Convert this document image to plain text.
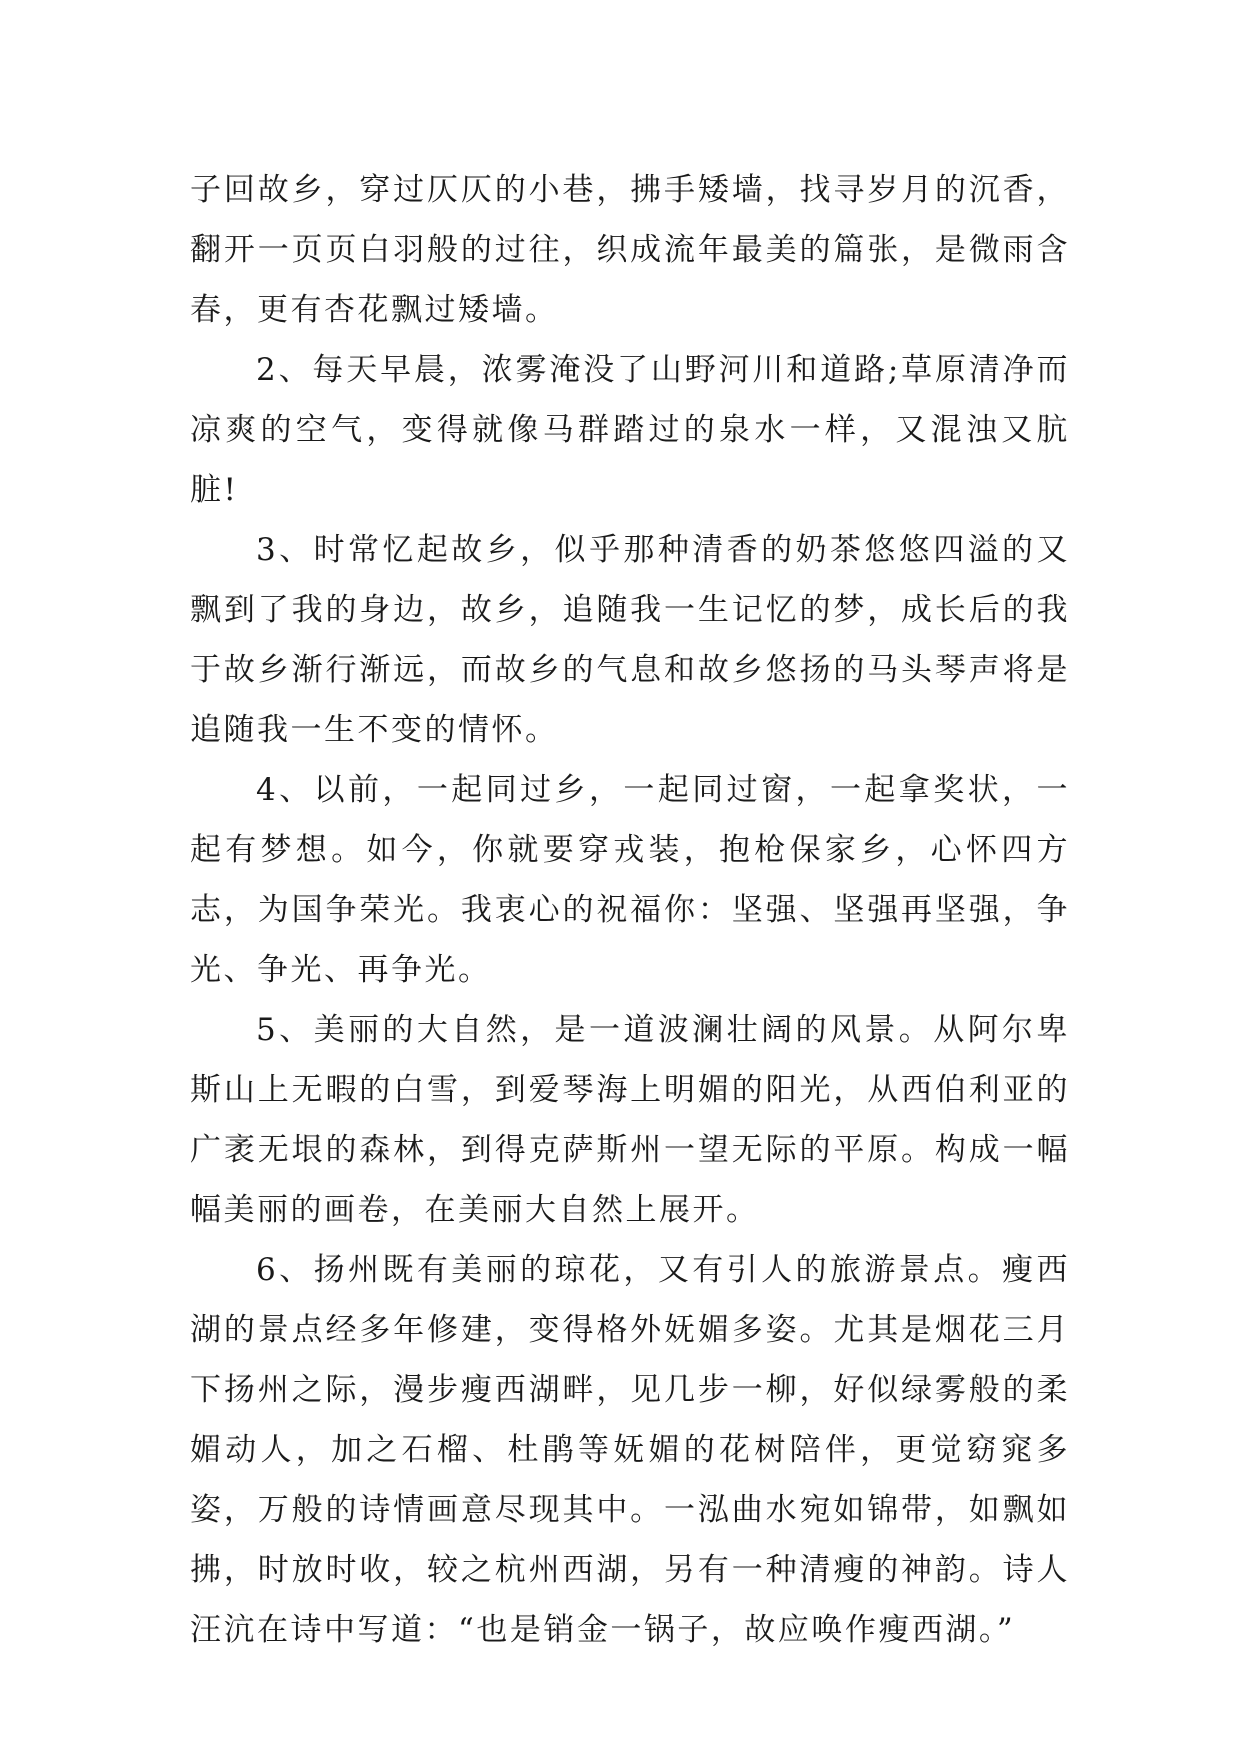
子回故乡，穿过仄仄的小巷，拂手矮墙，找寻岁月的沉香，翻开一页页白羽般的过往，织成流年最美的篇张，是微雨含春，更有杏花飘过矮墙。

2、每天早晨，浓雾淹没了山野河川和道路;草原清净而凉爽的空气，变得就像马群踏过的泉水一样，又混浊又肮脏!

3、时常忆起故乡，似乎那种清香的奶茶悠悠四溢的又飘到了我的身边，故乡，追随我一生记忆的梦，成长后的我于故乡渐行渐远，而故乡的气息和故乡悠扬的马头琴声将是追随我一生不变的情怀。

4、以前，一起同过乡，一起同过窗，一起拿奖状，一起有梦想。如今，你就要穿戎装，抱枪保家乡，心怀四方志，为国争荣光。我衷心的祝福你：坚强、坚强再坚强，争光、争光、再争光。

5、美丽的大自然，是一道波澜壮阔的风景。从阿尔卑斯山上无暇的白雪，到爱琴海上明媚的阳光，从西伯利亚的广袤无垠的森林，到得克萨斯州一望无际的平原。构成一幅幅美丽的画卷，在美丽大自然上展开。

6、扬州既有美丽的琼花，又有引人的旅游景点。瘦西湖的景点经多年修建，变得格外妩媚多姿。尤其是烟花三月下扬州之际，漫步瘦西湖畔，见几步一柳，好似绿雾般的柔媚动人，加之石榴、杜鹃等妩媚的花树陪伴，更觉窈窕多姿，万般的诗情画意尽现其中。一泓曲水宛如锦带，如飘如拂，时放时收，较之杭州西湖，另有一种清瘦的神韵。诗人汪沆在诗中写道：“也是销金一锅子，故应唤作瘦西湖。”
